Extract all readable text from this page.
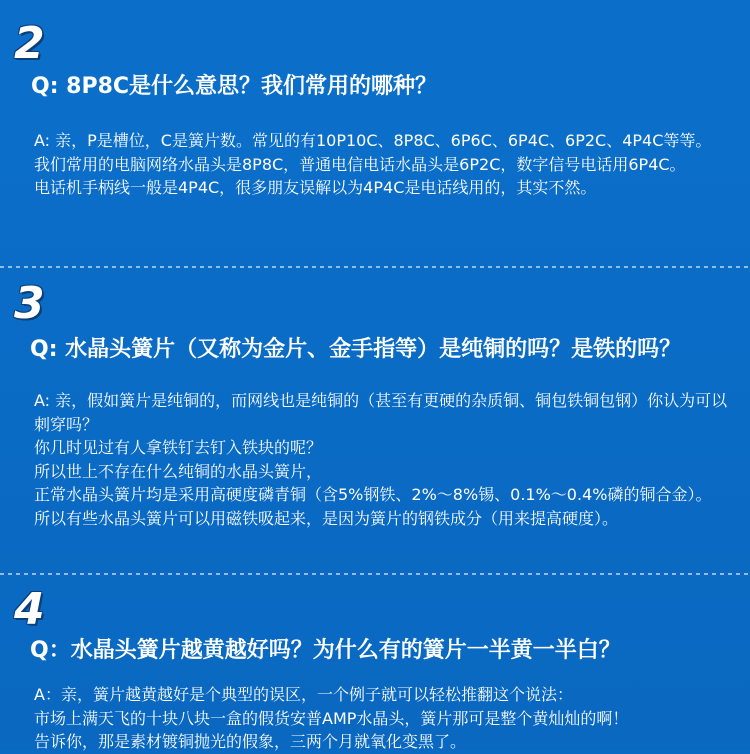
2
Q: 8P8C是什么意思？我们常用的哪种？

A: 亲，P是槽位，C是簧片数。常见的有10P10C、8P8C、6P6C、6P4C、6P2C、4P4C等等。

我们常用的电脑网络水晶头是8P8C，普通电信电话水晶头是6P2C，数字信号电话用6P4C。

电话机手柄线一般是4P4C，很多朋友误解以为4P4C是电话线用的，其实不然。

3
Q: 水晶头簧片（又称为金片、金手指等）是纯铜的吗？是铁的吗？

A: 亲，假如簧片是纯铜的，而网线也是纯铜的（甚至有更硬的杂质铜、铜包铁铜包钢）你认为可以刺穿吗？

你几时见过有人拿铁钉去钉入铁块的呢？

所以世上不存在什么纯铜的水晶头簧片，

正常水晶头簧片均是采用高硬度磷青铜（含5%钢铁、2%～8%锡、0.1%～0.4%磷的铜合金）。

所以有些水晶头簧片可以用磁铁吸起来，是因为簧片的钢铁成分（用来提高硬度）。

4
Q：水晶头簧片越黄越好吗？为什么有的簧片一半黄一半白？

A：亲，簧片越黄越好是个典型的误区，一个例子就可以轻松推翻这个说法：

市场上满天飞的十块八块一盒的假货安普AMP水晶头，簧片那可是整个黄灿灿的啊！

告诉你，那是素材镀铜抛光的假象，三两个月就氧化变黑了。
